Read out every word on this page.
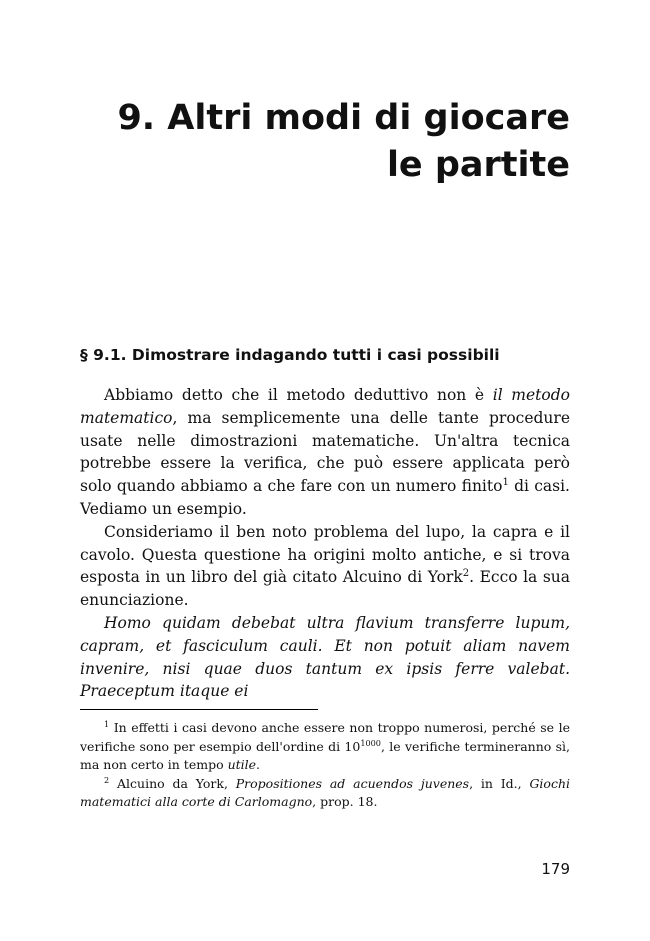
9. Altri modi di giocare
le partite
§ 9.1. Dimostrare indagando tutti i casi possibili

Abbiamo detto che il metodo deduttivo non è il metodo matematico, ma semplicemente una delle tante procedure usate nelle dimostrazioni matematiche. Un'altra tecnica potrebbe essere la verifica, che può essere applicata però solo quando abbiamo a che fare con un numero finito$^1$ di casi. Vediamo un esempio.

Consideriamo il ben noto problema del lupo, la capra e il cavolo. Questa questione ha origini molto antiche, e si trova esposta in un libro del già citato Alcuino di York$^2$. Ecco la sua enunciazione.

Homo quidam debebat ultra flavium transferre lupum, capram, et fasciculum cauli. Et non potuit aliam navem invenire, nisi quae duos tantum ex ipsis ferre valebat. Praeceptum itaque ei

$^1$ In effetti i casi devono anche essere non troppo numerosi, perché se le verifiche sono per esempio dell'ordine di $10^{1000}$, le verifiche termineranno sì, ma non certo in tempo utile.

$^2$ Alcuino da York, Propositiones ad acuendos juvenes, in Id., Giochi matematici alla corte di Carlomagno, prop. 18.

179
